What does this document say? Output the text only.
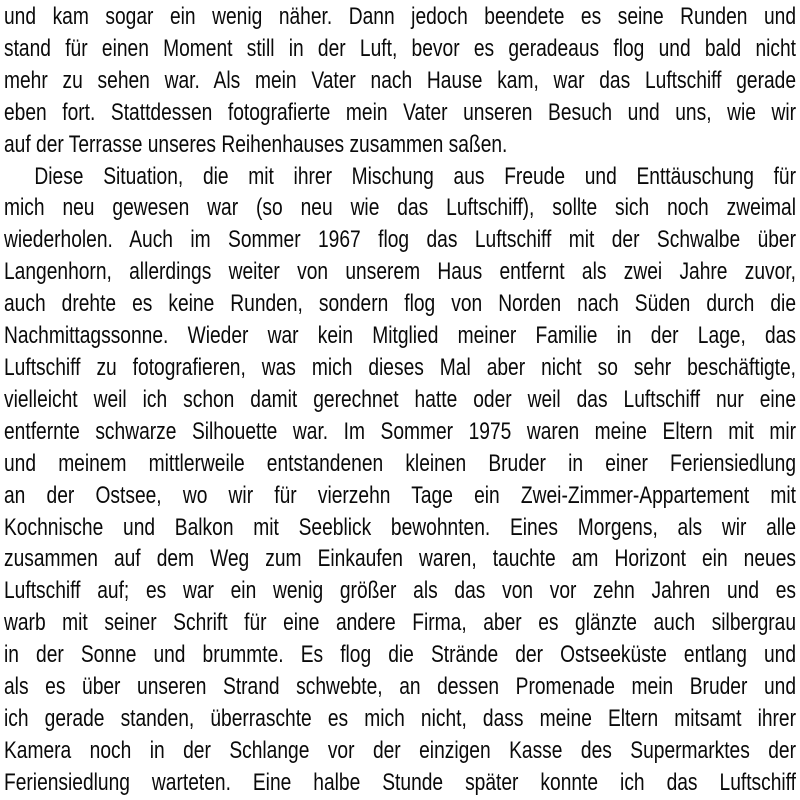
und kam sogar ein wenig näher. Dann jedoch beendete es seine Runden und
stand für einen Moment still in der Luft, bevor es geradeaus flog und bald nicht
mehr zu sehen war. Als mein Vater nach Hause kam, war das Luftschiff gerade
eben fort. Stattdessen fotografierte mein Vater unseren Besuch und uns, wie wir
auf der Terrasse unseres Reihenhauses zusammen saßen.
Diese Situation, die mit ihrer Mischung aus Freude und Enttäuschung für
mich neu gewesen war (so neu wie das Luftschiff), sollte sich noch zweimal
wiederholen. Auch im Sommer 1967 flog das Luftschiff mit der Schwalbe über
Langenhorn, allerdings weiter von unserem Haus entfernt als zwei Jahre zuvor,
auch drehte es keine Runden, sondern flog von Norden nach Süden durch die
Nachmittagssonne. Wieder war kein Mitglied meiner Familie in der Lage, das
Luftschiff zu fotografieren, was mich dieses Mal aber nicht so sehr beschäftigte,
vielleicht weil ich schon damit gerechnet hatte oder weil das Luftschiff nur eine
entfernte schwarze Silhouette war. Im Sommer 1975 waren meine Eltern mit mir
und meinem mittlerweile entstandenen kleinen Bruder in einer Feriensiedlung
an der Ostsee, wo wir für vierzehn Tage ein Zwei-Zimmer-Appartement mit
Kochnische und Balkon mit Seeblick bewohnten. Eines Morgens, als wir alle
zusammen auf dem Weg zum Einkaufen waren, tauchte am Horizont ein neues
Luftschiff auf; es war ein wenig größer als das von vor zehn Jahren und es
warb mit seiner Schrift für eine andere Firma, aber es glänzte auch silbergrau
in der Sonne und brummte. Es flog die Strände der Ostseeküste entlang und
als es über unseren Strand schwebte, an dessen Promenade mein Bruder und
ich gerade standen, überraschte es mich nicht, dass meine Eltern mitsamt ihrer
Kamera noch in der Schlange vor der einzigen Kasse des Supermarktes der
Feriensiedlung warteten. Eine halbe Stunde später konnte ich das Luftschiff
